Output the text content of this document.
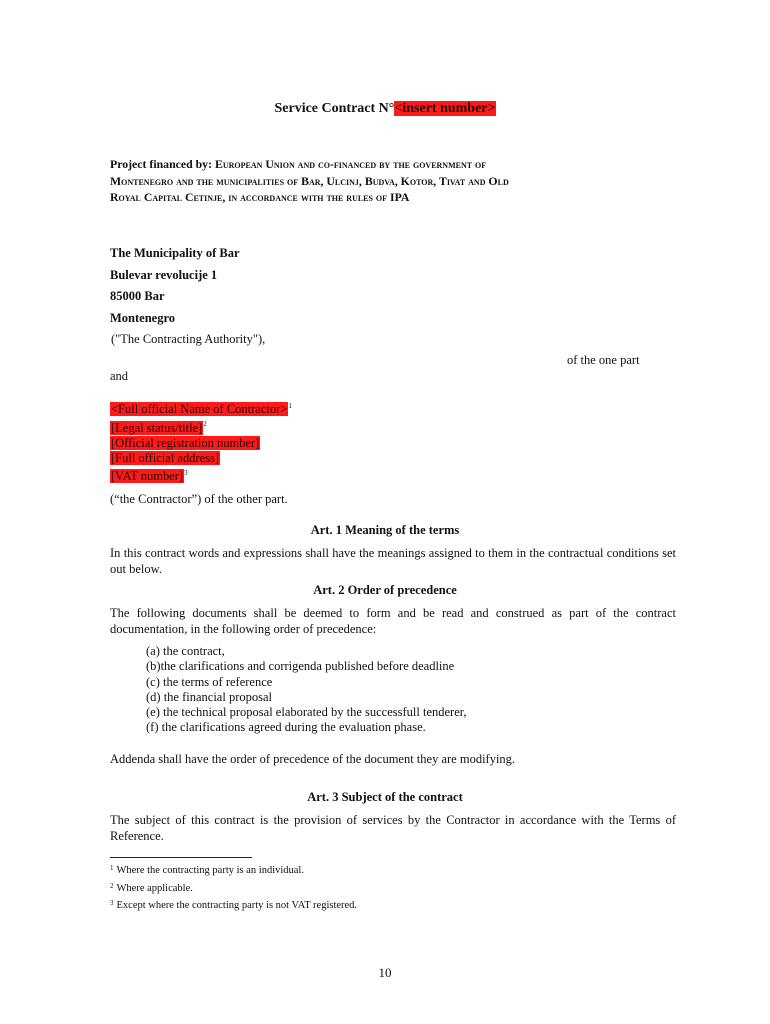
Service Contract N°<insert number>
Project financed by: European Union and co-financed by the government of
Montenegro and the municipalities of Bar, Ulcinj, Budva, Kotor, Tivat and Old
Royal Capital Cetinje, in accordance with the rules of IPA
The Municipality of Bar
Bulevar revolucije 1
85000 Bar
Montenegro
("The Contracting Authority"),
of the one part
and
<Full official Name of Contractor>$^1$
[Legal status/title]$^2$
[Official registration number]
[Full official address]
[VAT number]$^3$
(“the Contractor”) of the other part.
Art. 1 Meaning of the terms
In this contract words and expressions shall have the meanings assigned to them in the contractual conditions set out below.
Art. 2 Order of precedence
The following documents shall be deemed to form and be read and construed as part of the contract documentation, in the following order of precedence:
(a) the contract,
(b)the clarifications and corrigenda published before deadline
(c) the terms of reference
(d) the financial proposal
(e) the technical proposal elaborated by the successfull tenderer,
(f) the clarifications agreed during the evaluation phase.
Addenda shall have the order of precedence of the document they are modifying.
Art. 3 Subject of the contract
The subject of this contract is the provision of services by the Contractor in accordance with the Terms of Reference.
$^1$ Where the contracting party is an individual.
$^2$ Where applicable.
$^3$ Except where the contracting party is not VAT registered.
10
